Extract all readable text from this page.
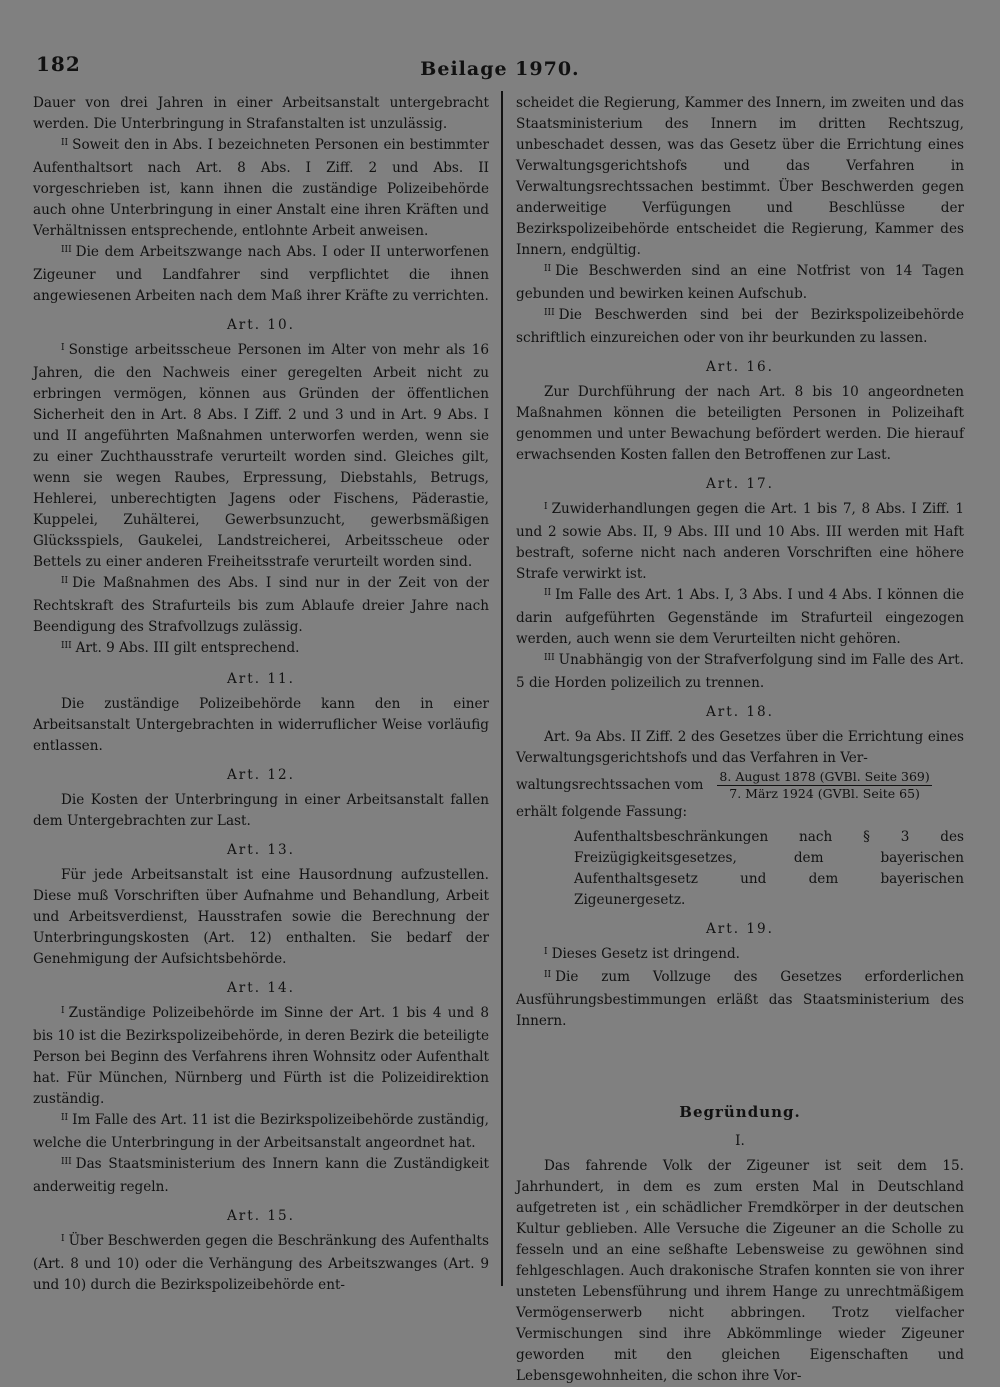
182	Beilage 1970.

Dauer von drei Jahren in einer Arbeitsanstalt untergebracht werden. Die Unterbringung in Strafanstalten ist unzulässig.

$^{II}$ Soweit den in Abs. I bezeichneten Personen ein bestimmter Aufenthaltsort nach Art. 8 Abs. I Ziff. 2 und Abs. II vorgeschrieben ist, kann ihnen die zuständige Polizeibehörde auch ohne Unterbringung in einer Anstalt eine ihren Kräften und Verhältnissen entsprechende, entlohnte Arbeit anweisen.

$^{III}$ Die dem Arbeitszwange nach Abs. I oder II unterworfenen Zigeuner und Landfahrer sind verpflichtet die ihnen angewiesenen Arbeiten nach dem Maß ihrer Kräfte zu verrichten.

Art. 10.

$^I$ Sonstige arbeitsscheue Personen im Alter von mehr als 16 Jahren, die den Nachweis einer geregelten Arbeit nicht zu erbringen vermögen, können aus Gründen der öffentlichen Sicherheit den in Art. 8 Abs. I Ziff. 2 und 3 und in Art. 9 Abs. I und II angeführten Maßnahmen unterworfen werden, wenn sie zu einer Zuchthausstrafe verurteilt worden sind. Gleiches gilt, wenn sie wegen Raubes, Erpressung, Diebstahls, Betrugs, Hehlerei, unberechtigten Jagens oder Fischens, Päderastie, Kuppelei, Zuhälterei, Gewerbsunzucht, gewerbsmäßigen Glücksspiels, Gaukelei, Landstreicherei, Arbeitsscheue oder Bettels zu einer anderen Freiheitsstrafe verurteilt worden sind.

$^{II}$ Die Maßnahmen des Abs. I sind nur in der Zeit von der Rechtskraft des Strafurteils bis zum Ablaufe dreier Jahre nach Beendigung des Strafvollzugs zulässig.

$^{III}$ Art. 9 Abs. III gilt entsprechend.

Art. 11.

Die zuständige Polizeibehörde kann den in einer Arbeitsanstalt Untergebrachten in widerruflicher Weise vorläufig entlassen.

Art. 12.

Die Kosten der Unterbringung in einer Arbeitsanstalt fallen dem Untergebrachten zur Last.

Art. 13.

Für jede Arbeitsanstalt ist eine Hausordnung aufzustellen. Diese muß Vorschriften über Aufnahme und Behandlung, Arbeit und Arbeitsverdienst, Hausstrafen sowie die Berechnung der Unterbringungskosten (Art. 12) enthalten. Sie bedarf der Genehmigung der Aufsichtsbehörde.

Art. 14.

$^I$ Zuständige Polizeibehörde im Sinne der Art. 1 bis 4 und 8 bis 10 ist die Bezirkspolizeibehörde, in deren Bezirk die beteiligte Person bei Beginn des Verfahrens ihren Wohnsitz oder Aufenthalt hat. Für München, Nürnberg und Fürth ist die Polizeidirektion zuständig.

$^{II}$ Im Falle des Art. 11 ist die Bezirkspolizeibehörde zuständig, welche die Unterbringung in der Arbeitsanstalt angeordnet hat.

$^{III}$ Das Staatsministerium des Innern kann die Zuständigkeit anderweitig regeln.

Art. 15.

$^I$ Über Beschwerden gegen die Beschränkung des Aufenthalts (Art. 8 und 10) oder die Verhängung des Arbeitszwanges (Art. 9 und 10) durch die Bezirkspolizeibehörde ent-

scheidet die Regierung, Kammer des Innern, im zweiten und das Staatsministerium des Innern im dritten Rechtszug, unbeschadet dessen, was das Gesetz über die Errichtung eines Verwaltungsgerichtshofs und das Verfahren in Verwaltungsrechtssachen bestimmt. Über Beschwerden gegen anderweitige Verfügungen und Beschlüsse der Bezirkspolizeibehörde entscheidet die Regierung, Kammer des Innern, endgültig.

$^{II}$ Die Beschwerden sind an eine Notfrist von 14 Tagen gebunden und bewirken keinen Aufschub.

$^{III}$ Die Beschwerden sind bei der Bezirkspolizeibehörde schriftlich einzureichen oder von ihr beurkunden zu lassen.

Art. 16.

Zur Durchführung der nach Art. 8 bis 10 angeordneten Maßnahmen können die beteiligten Personen in Polizeihaft genommen und unter Bewachung befördert werden. Die hierauf erwachsenden Kosten fallen den Betroffenen zur Last.

Art. 17.

$^I$ Zuwiderhandlungen gegen die Art. 1 bis 7, 8 Abs. I Ziff. 1 und 2 sowie Abs. II, 9 Abs. III und 10 Abs. III werden mit Haft bestraft, soferne nicht nach anderen Vorschriften eine höhere Strafe verwirkt ist.

$^{II}$ Im Falle des Art. 1 Abs. I, 3 Abs. I und 4 Abs. I können die darin aufgeführten Gegenstände im Strafurteil eingezogen werden, auch wenn sie dem Verurteilten nicht gehören.

$^{III}$ Unabhängig von der Strafverfolgung sind im Falle des Art. 5 die Horden polizeilich zu trennen.

Art. 18.

Art. 9a Abs. II Ziff. 2 des Gesetzes über die Errichtung eines Verwaltungsgerichtshofs und das Verfahren in Ver-

waltungsrechtssachen vom $\frac{\text{8. August 1878 (GVBl. Seite 369)}}{\text{7. März 1924 (GVBl. Seite 65)}}$

erhält folgende Fassung:

Aufenthaltsbeschränkungen nach § 3 des Freizügigkeitsgesetzes, dem bayerischen Aufenthaltsgesetz und dem bayerischen Zigeunergesetz.

Art. 19.

$^I$ Dieses Gesetz ist dringend.

$^{II}$ Die zum Vollzuge des Gesetzes erforderlichen Ausführungsbestimmungen erläßt das Staatsministerium des Innern.

Begründung.
I.

Das fahrende Volk der Zigeuner ist seit dem 15. Jahrhundert, in dem es zum ersten Mal in Deutschland aufgetreten ist , ein schädlicher Fremdkörper in der deutschen Kultur geblieben. Alle Versuche die Zigeuner an die Scholle zu fesseln und an eine seßhafte Lebensweise zu gewöhnen sind fehlgeschlagen. Auch drakonische Strafen konnten sie von ihrer unsteten Lebensführung und ihrem Hange zu unrechtmäßigem Vermögenserwerb nicht abbringen. Trotz vielfacher Vermischungen sind ihre Abkömmlinge wieder Zigeuner geworden mit den gleichen Eigenschaften und Lebensgewohnheiten, die schon ihre Vor-
